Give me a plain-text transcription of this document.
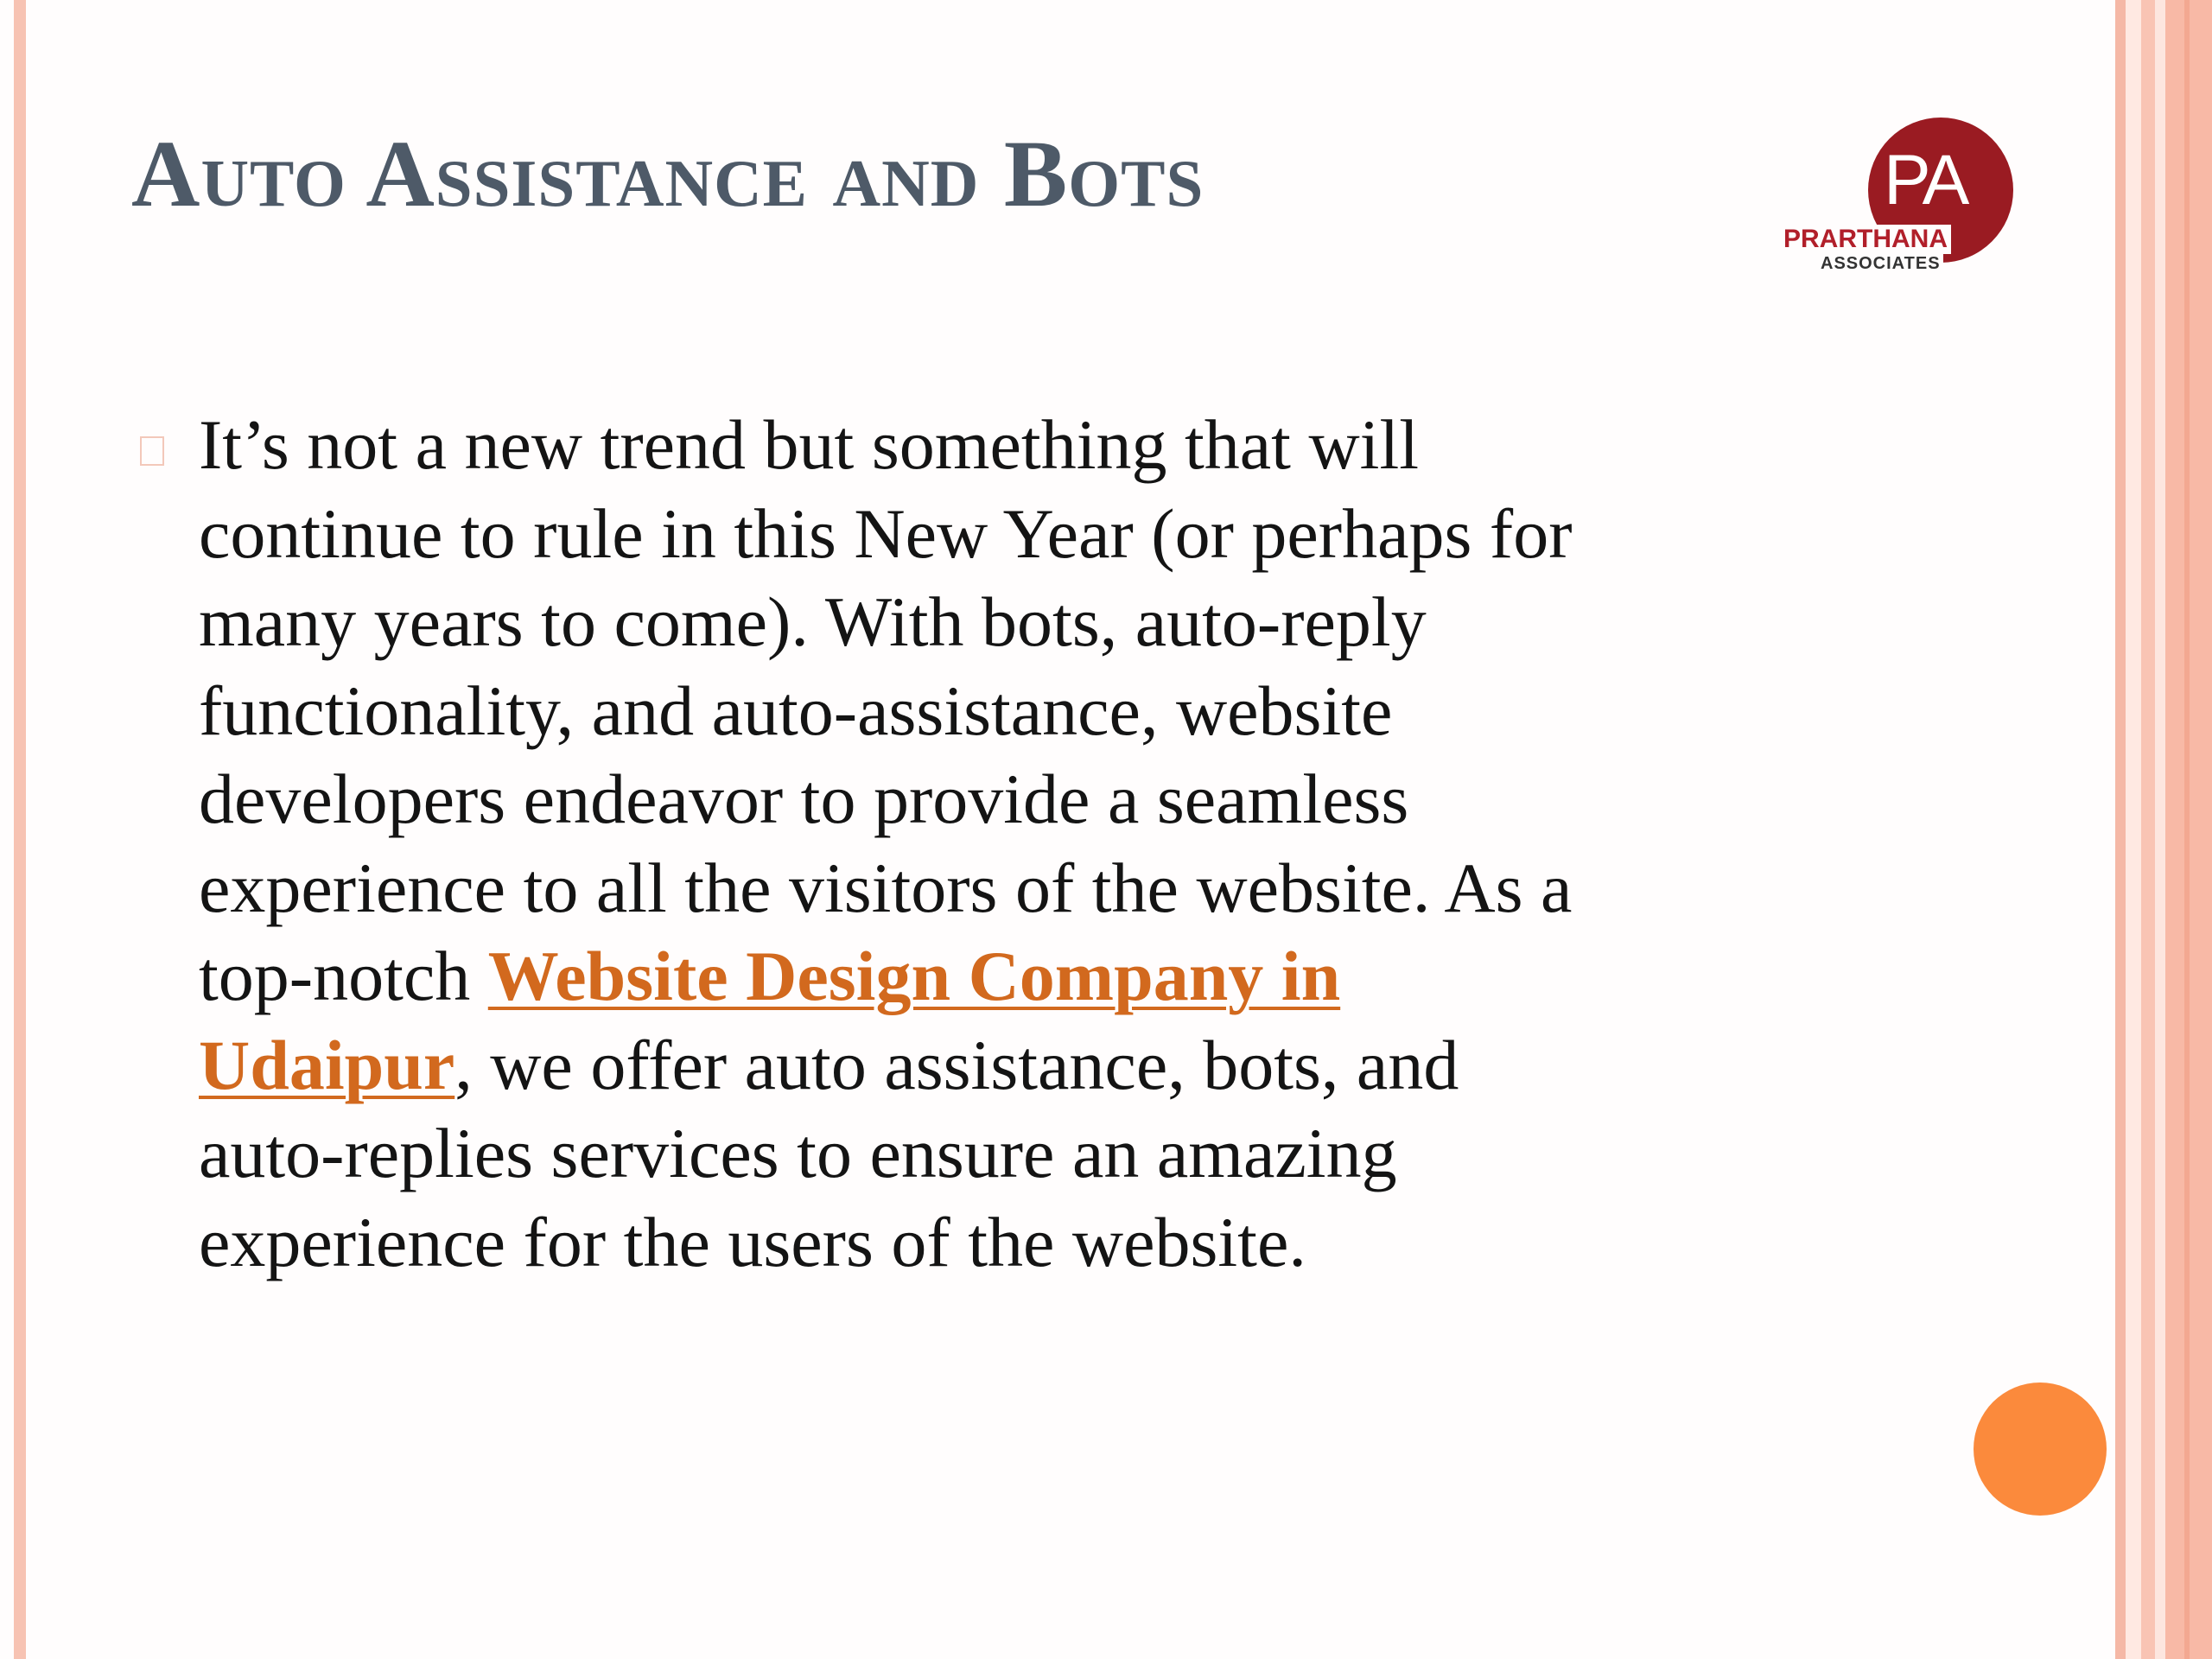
Auto Assistance and Bots	PA
PRARTHANA
ASSOCIATES

It’s not a new trend but something that will
continue to rule in this New Year (or perhaps for
many years to come). With bots, auto-reply
functionality, and auto-assistance, website
developers endeavor to provide a seamless
experience to all the visitors of the website. As a
top-notch Website Design Company in
Udaipur, we offer auto assistance, bots, and
auto-replies services to ensure an amazing
experience for the users of the website.
